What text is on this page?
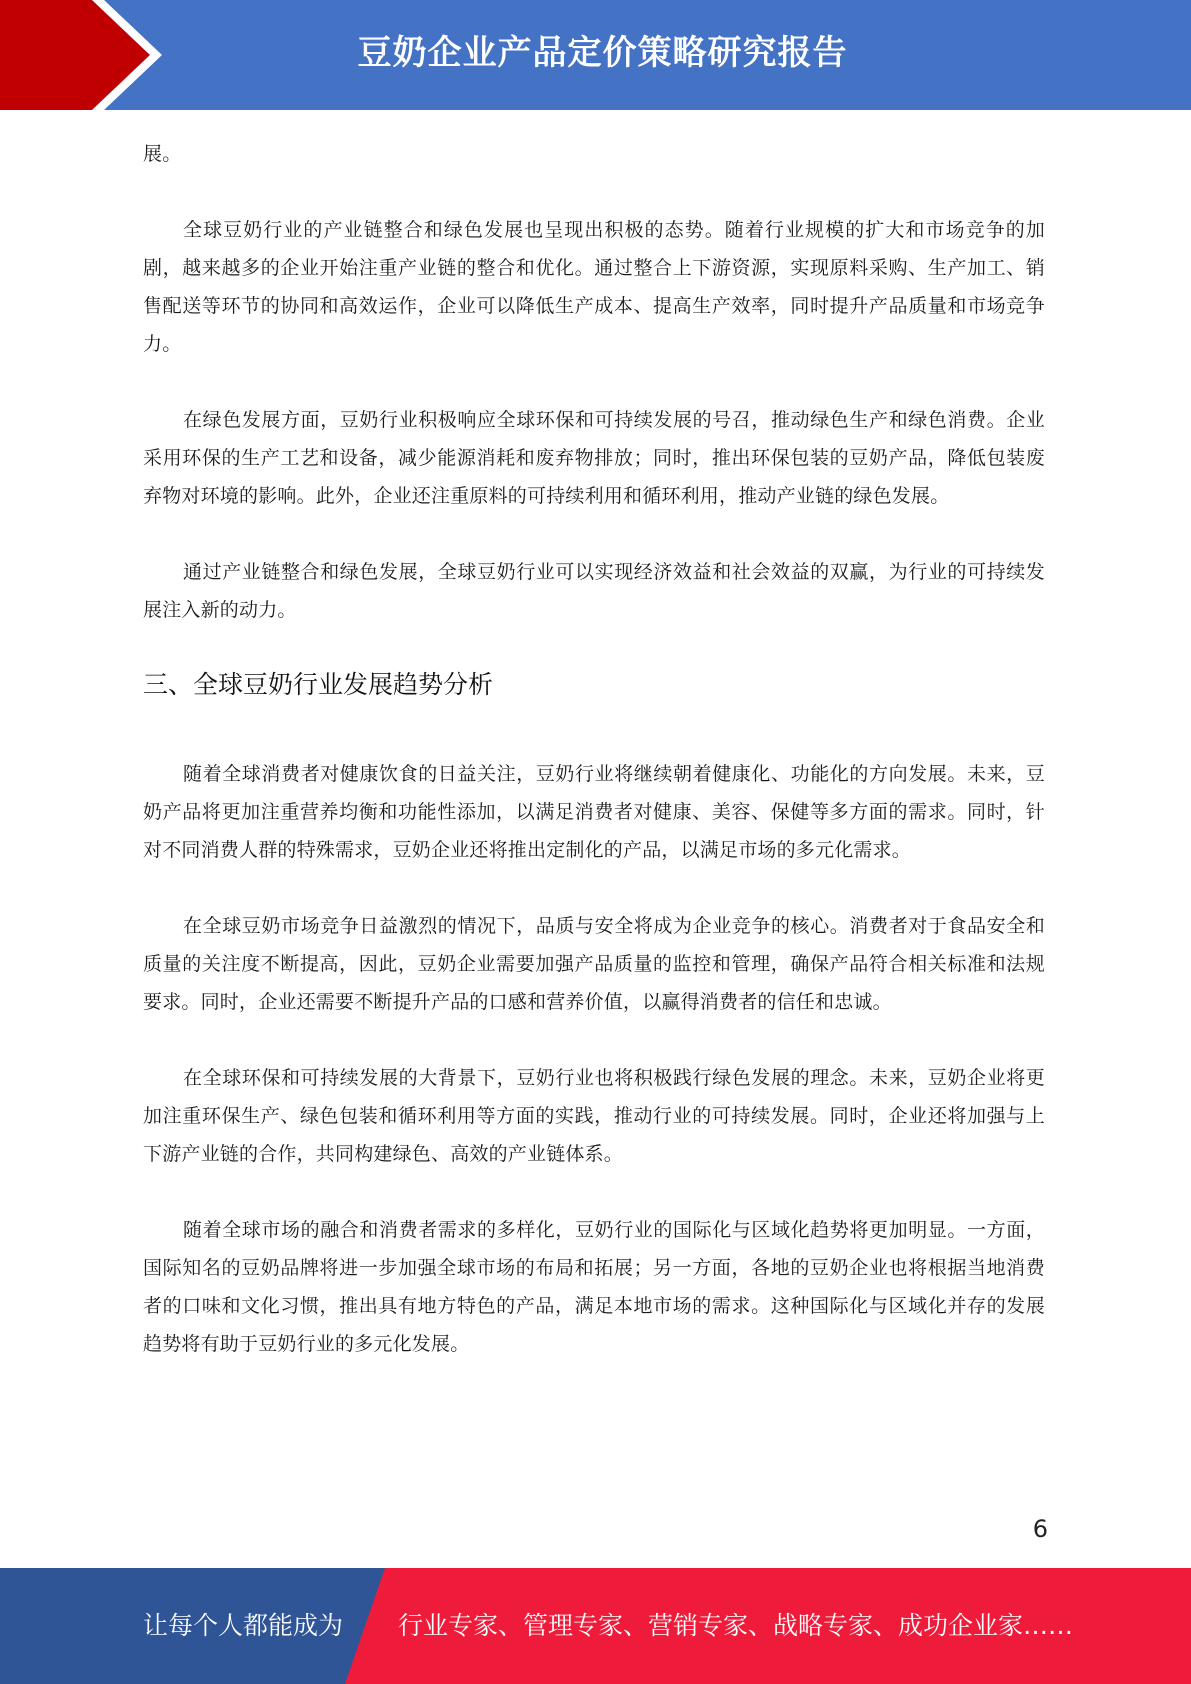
豆奶企业产品定价策略研究报告

展。

全球豆奶行业的产业链整合和绿色发展也呈现出积极的态势。随着行业规模的扩大和市场竞争的加剧，越来越多的企业开始注重产业链的整合和优化。通过整合上下游资源，实现原料采购、生产加工、销售配送等环节的协同和高效运作，企业可以降低生产成本、提高生产效率，同时提升产品质量和市场竞争力。

在绿色发展方面，豆奶行业积极响应全球环保和可持续发展的号召，推动绿色生产和绿色消费。企业采用环保的生产工艺和设备，减少能源消耗和废弃物排放；同时，推出环保包装的豆奶产品，降低包装废弃物对环境的影响。此外，企业还注重原料的可持续利用和循环利用，推动产业链的绿色发展。

通过产业链整合和绿色发展，全球豆奶行业可以实现经济效益和社会效益的双赢，为行业的可持续发展注入新的动力。

三、全球豆奶行业发展趋势分析

随着全球消费者对健康饮食的日益关注，豆奶行业将继续朝着健康化、功能化的方向发展。未来，豆奶产品将更加注重营养均衡和功能性添加，以满足消费者对健康、美容、保健等多方面的需求。同时，针对不同消费人群的特殊需求，豆奶企业还将推出定制化的产品，以满足市场的多元化需求。

在全球豆奶市场竞争日益激烈的情况下，品质与安全将成为企业竞争的核心。消费者对于食品安全和质量的关注度不断提高，因此，豆奶企业需要加强产品质量的监控和管理，确保产品符合相关标准和法规要求。同时，企业还需要不断提升产品的口感和营养价值，以赢得消费者的信任和忠诚。

在全球环保和可持续发展的大背景下，豆奶行业也将积极践行绿色发展的理念。未来，豆奶企业将更加注重环保生产、绿色包装和循环利用等方面的实践，推动行业的可持续发展。同时，企业还将加强与上下游产业链的合作，共同构建绿色、高效的产业链体系。

随着全球市场的融合和消费者需求的多样化，豆奶行业的国际化与区域化趋势将更加明显。一方面，国际知名的豆奶品牌将进一步加强全球市场的布局和拓展；另一方面，各地的豆奶企业也将根据当地消费者的口味和文化习惯，推出具有地方特色的产品，满足本地市场的需求。这种国际化与区域化并存的发展趋势将有助于豆奶行业的多元化发展。

6
让每个人都能成为 行业专家、管理专家、营销专家、战略专家、成功企业家……
